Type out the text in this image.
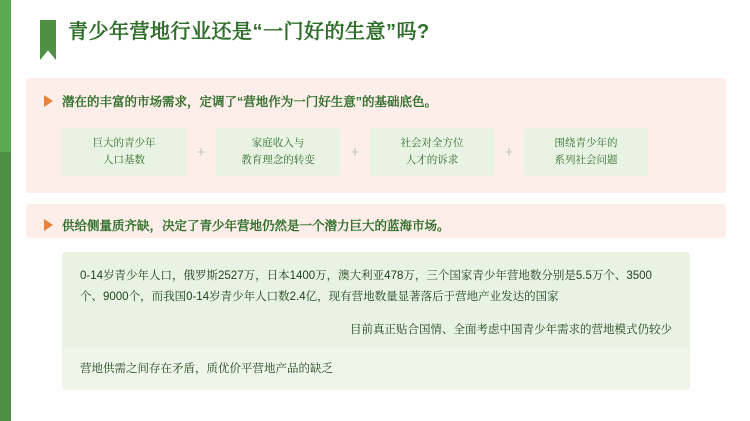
青少年营地行业还是“一门好的生意”吗?
潜在的丰富的市场需求，定调了“营地作为一门好生意”的基础底色。
巨大的青少年
人口基数	+
家庭收入与
教育理念的转变	+
社会对全方位
人才的诉求	+
围绕青少年的
系列社会问题
供给侧量质齐缺，决定了青少年营地仍然是一个潜力巨大的蓝海市场。

0-14岁青少年人口，俄罗斯2527万，日本1400万，澳大利亚478万，三个国家青少年营地数分别是5.5万个、3500个、9000个，而我国0-14岁青少年人口数2.4亿，现有营地数量显著落后于营地产业发达的国家

目前真正贴合国情、全面考虑中国青少年需求的营地模式仍较少

营地供需之间存在矛盾，质优价平营地产品的缺乏
